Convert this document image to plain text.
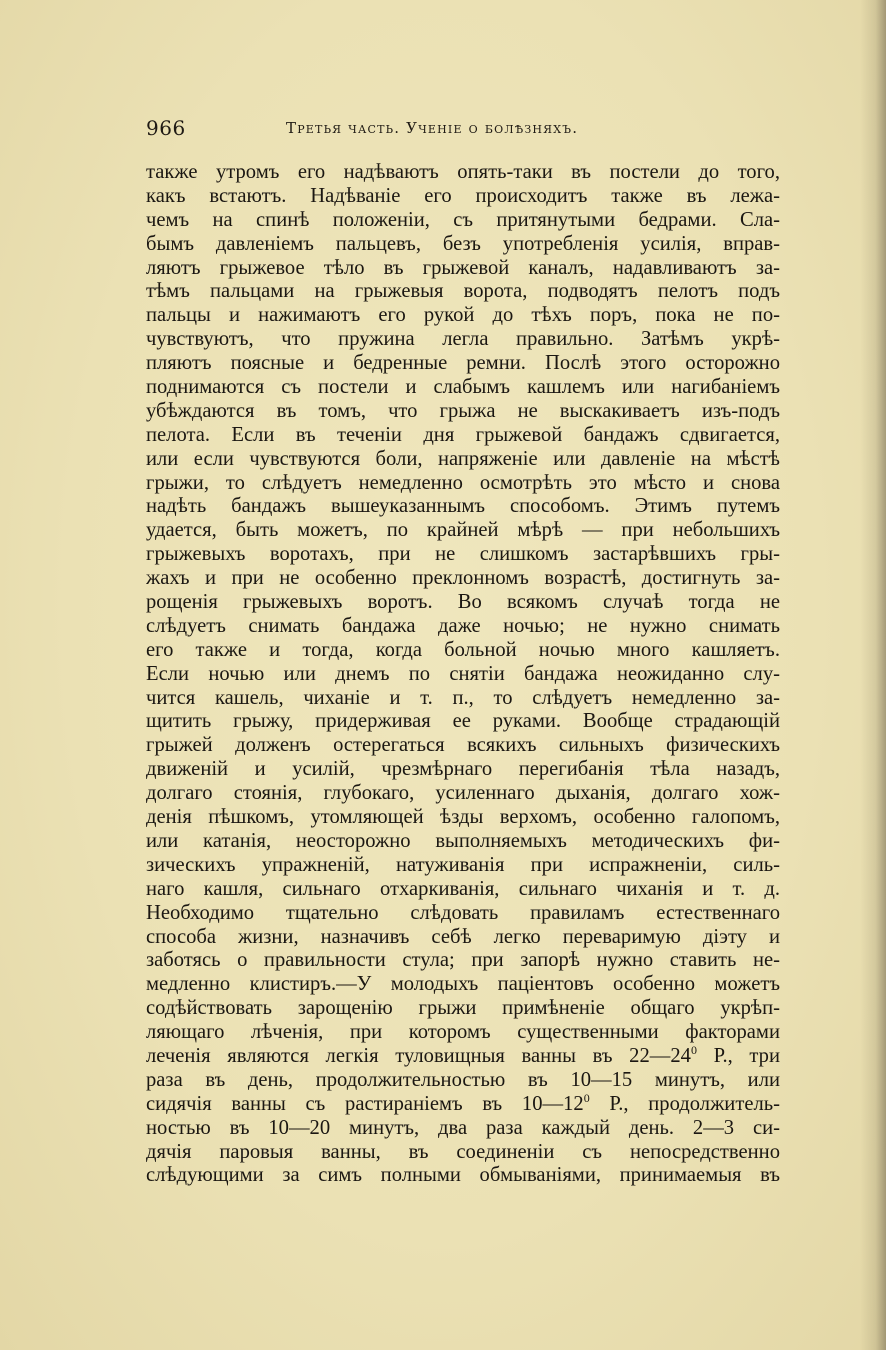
966	Третья часть. Ученіе о болѣзняхъ.
также утромъ его надѣваютъ опять-таки въ постели до того,
какъ встаютъ. Надѣваніе его происходитъ также въ лежа-
чемъ на спинѣ положеніи, съ притянутыми бедрами. Сла-
бымъ давленіемъ пальцевъ, безъ употребленія усилія, вправ-
ляютъ грыжевое тѣло въ грыжевой каналъ, надавливаютъ за-
тѣмъ пальцами на грыжевыя ворота, подводятъ пелотъ подъ
пальцы и нажимаютъ его рукой до тѣхъ поръ, пока не по-
чувствуютъ, что пружина легла правильно. Затѣмъ укрѣ-
пляютъ поясные и бедренные ремни. Послѣ этого осторожно
поднимаются съ постели и слабымъ кашлемъ или нагибаніемъ
убѣждаются въ томъ, что грыжа не выскакиваетъ изъ-подъ
пелота. Если въ теченіи дня грыжевой бандажъ сдвигается,
или если чувствуются боли, напряженіе или давленіе на мѣстѣ
грыжи, то слѣдуетъ немедленно осмотрѣть это мѣсто и снова
надѣть бандажъ вышеуказаннымъ способомъ. Этимъ путемъ
удается, быть можетъ, по крайней мѣрѣ — при небольшихъ
грыжевыхъ воротахъ, при не слишкомъ застарѣвшихъ гры-
жахъ и при не особенно преклонномъ возрастѣ, достигнуть за-
рощенія грыжевыхъ воротъ. Во всякомъ случаѣ тогда не
слѣдуетъ снимать бандажа даже ночью; не нужно снимать
его также и тогда, когда больной ночью много кашляетъ.
Если ночью или днемъ по снятіи бандажа неожиданно слу-
чится кашель, чиханіе и т. п., то слѣдуетъ немедленно за-
щитить грыжу, придерживая ее руками. Вообще страдающій
грыжей долженъ остерегаться всякихъ сильныхъ физическихъ
движеній и усилій, чрезмѣрнаго перегибанія тѣла назадъ,
долгаго стоянія, глубокаго, усиленнаго дыханія, долгаго хож-
денія пѣшкомъ, утомляющей ѣзды верхомъ, особенно галопомъ,
или катанія, неосторожно выполняемыхъ методическихъ фи-
зическихъ упражненій, натуживанія при испражненіи, силь-
наго кашля, сильнаго отхаркиванія, сильнаго чиханія и т. д.
Необходимо тщательно слѣдовать правиламъ естественнаго
способа жизни, назначивъ себѣ легко переваримую діэту и
заботясь о правильности стула; при запорѣ нужно ставить не-
медленно клистиръ.—У молодыхъ паціентовъ особенно можетъ
содѣйствовать зарощенію грыжи примѣненіе общаго укрѣп-
ляющаго лѣченія, при которомъ существенными факторами
леченія являются легкія туловищныя ванны въ $22—24^0$ Р., три
раза въ день, продолжительностью въ 10—15 минутъ, или
сидячія ванны съ растираніемъ въ $10—12^0$ Р., продолжитель-
ностью въ 10—20 минутъ, два раза каждый день. 2—3 си-
дячія паровыя ванны, въ соединеніи съ непосредственно
слѣдующими за симъ полными обмываніями, принимаемыя въ
